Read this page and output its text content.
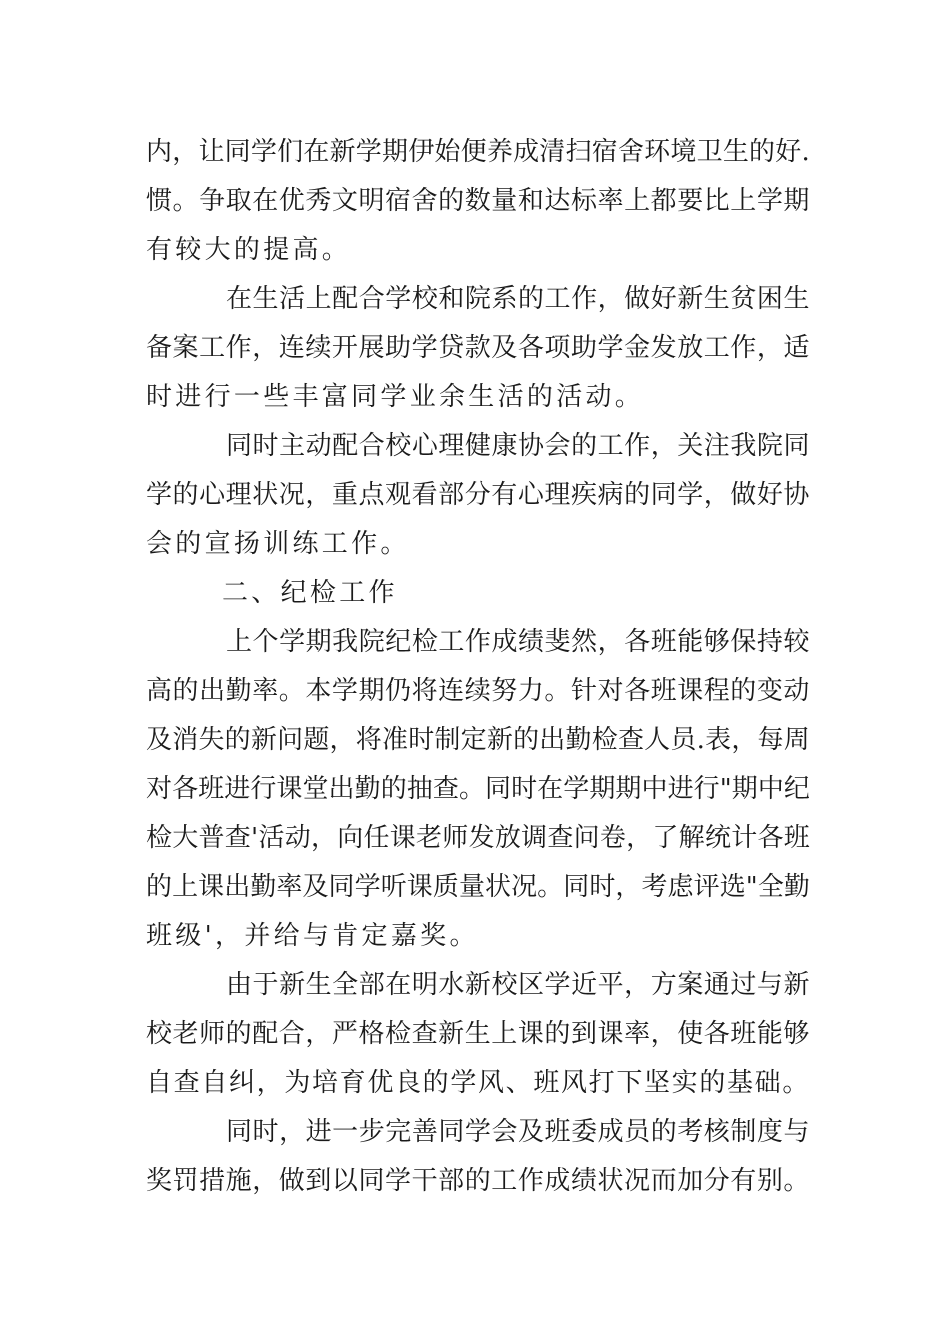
内，让同学们在新学期伊始便养成清扫宿舍环境卫生的好.
惯。争取在优秀文明宿舍的数量和达标率上都要比上学期
有较大的提高。
在生活上配合学校和院系的工作，做好新生贫困生
备案工作，连续开展助学贷款及各项助学金发放工作，适
时进行一些丰富同学业余生活的活动。
同时主动配合校心理健康协会的工作，关注我院同
学的心理状况，重点观看部分有心理疾病的同学，做好协
会的宣扬训练工作。
二、纪检工作
上个学期我院纪检工作成绩斐然，各班能够保持较
高的出勤率。本学期仍将连续努力。针对各班课程的变动
及消失的新问题，将准时制定新的出勤检查人员.表，每周
对各班进行课堂出勤的抽查。同时在学期期中进行"期中纪
检大普查'活动，向任课老师发放调查问卷，了解统计各班
的上课出勤率及同学听课质量状况。同时，考虑评选"全勤
班级'，并给与肯定嘉奖。
由于新生全部在明水新校区学近平，方案通过与新
校老师的配合，严格检查新生上课的到课率，使各班能够
自查自纠，为培育优良的学风、班风打下坚实的基础。
同时，进一步完善同学会及班委成员的考核制度与
奖罚措施，做到以同学干部的工作成绩状况而加分有别。
